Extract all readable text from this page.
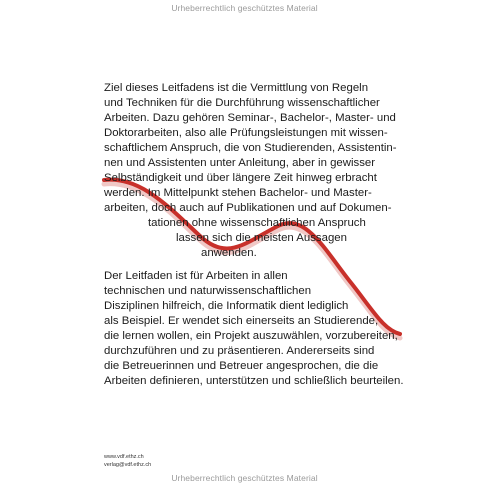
Urheberrechtlich geschütztes Material
Ziel dieses Leitfadens ist die Vermittlung von Regeln
und Techniken für die Durchführung wissenschaftlicher
Arbeiten. Dazu gehören Seminar-, Bachelor-, Master- und
Doktorarbeiten, also alle Prüfungsleistungen mit wissen-
schaftlichem Anspruch, die von Studierenden, Assistentin-
nen und Assistenten unter Anleitung, aber in gewisser
Selbständigkeit und über längere Zeit hinweg erbracht
werden. Im Mittelpunkt stehen Bachelor- und Master-
arbeiten, doch auch auf Publikationen und auf Dokumen-
tationen ohne wissenschaftlichen Anspruch
lassen sich die meisten Aussagen
anwenden.
Der Leitfaden ist für Arbeiten in allen
technischen und naturwissenschaftlichen
Disziplinen hilfreich, die Informatik dient lediglich
als Beispiel. Er wendet sich einerseits an Studierende,
die lernen wollen, ein Projekt auszuwählen, vorzubereiten,
durchzuführen und zu präsentieren. Andererseits sind
die Betreuerinnen und Betreuer angesprochen, die die
Arbeiten definieren, unterstützen und schließlich beurteilen.
www.vdf.ethz.ch
verlag@vdf.ethz.ch
Urheberrechtlich geschütztes Material
